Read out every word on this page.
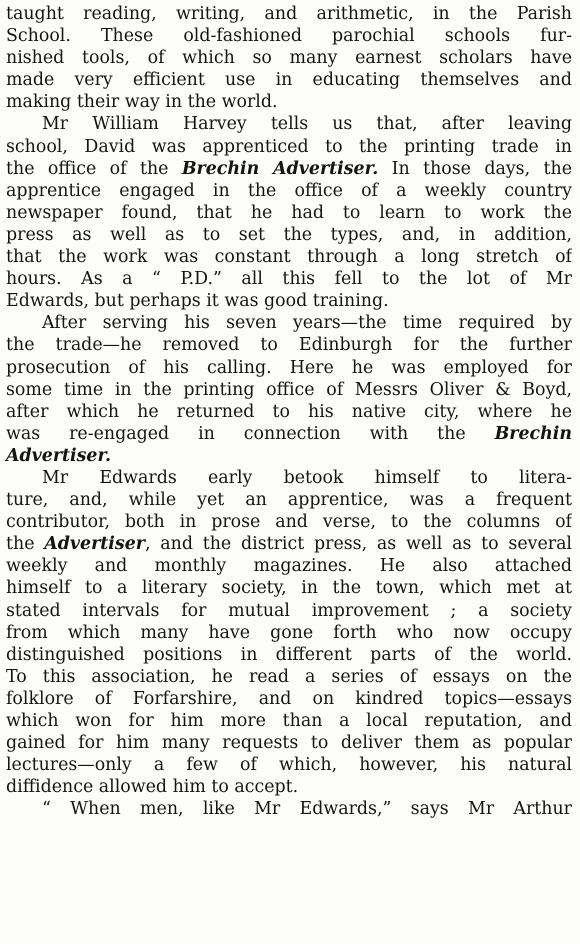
taught reading, writing, and arithmetic, in the Parish
School. These old-fashioned parochial schools fur-
nished tools, of which so many earnest scholars have
made very efficient use in educating themselves and
making their way in the world.
Mr William Harvey tells us that, after leaving
school, David was apprenticed to the printing trade in
the office of the Brechin Advertiser. In those days, the
apprentice engaged in the office of a weekly country
newspaper found, that he had to learn to work the
press as well as to set the types, and, in addition,
that the work was constant through a long stretch of
hours. As a “ P.D.” all this fell to the lot of Mr
Edwards, but perhaps it was good training.
After serving his seven years—the time required by
the trade—he removed to Edinburgh for the further
prosecution of his calling. Here he was employed for
some time in the printing office of Messrs Oliver & Boyd,
after which he returned to his native city, where he
was re-engaged in connection with the Brechin
Advertiser.
Mr Edwards early betook himself to litera-
ture, and, while yet an apprentice, was a frequent
contributor, both in prose and verse, to the columns of
the Advertiser, and the district press, as well as to several
weekly and monthly magazines. He also attached
himself to a literary society, in the town, which met at
stated intervals for mutual improvement ; a society
from which many have gone forth who now occupy
distinguished positions in different parts of the world.
To this association, he read a series of essays on the
folklore of Forfarshire, and on kindred topics—essays
which won for him more than a local reputation, and
gained for him many requests to deliver them as popular
lectures—only a few of which, however, his natural
diffidence allowed him to accept.
“ When men, like Mr Edwards,” says Mr Arthur
